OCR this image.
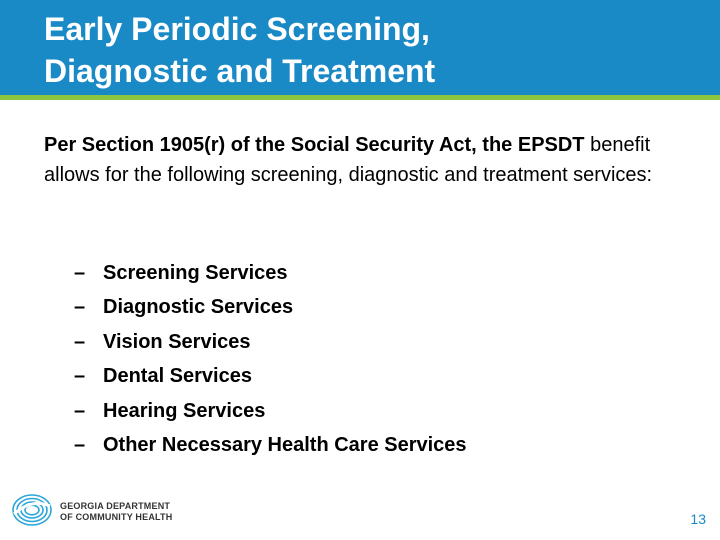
Early Periodic Screening,
Diagnostic and Treatment
Per Section 1905(r) of the Social Security Act, the EPSDT benefit allows for the following screening, diagnostic and treatment services:
– Screening Services
– Diagnostic Services
– Vision Services
– Dental Services
– Hearing Services
– Other Necessary Health Care Services
GEORGIA DEPARTMENT
OF COMMUNITY HEALTH	13
